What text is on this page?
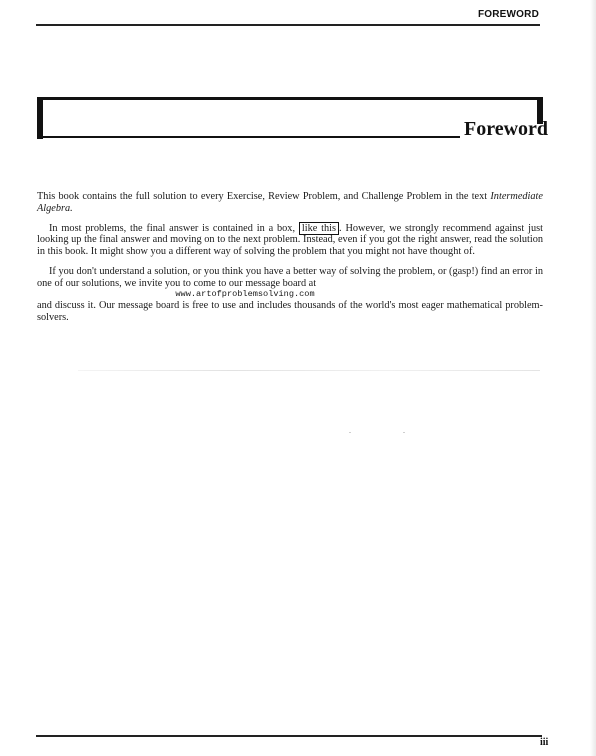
FOREWORD
Foreword

This book contains the full solution to every Exercise, Review Problem, and Challenge Problem in the text Intermediate Algebra.

In most problems, the final answer is contained in a box, like this . However, we strongly recommend against just looking up the final answer and moving on to the next problem. Instead, even if you got the right answer, read the solution in this book. It might show you a different way of solving the problem that you might not have thought of.

If you don't understand a solution, or you think you have a better way of solving the problem, or (gasp!) find an error in one of our solutions, we invite you to come to our message board at
www.artofproblemsolving.com

and discuss it. Our message board is free to use and includes thousands of the world's most eager mathematical problem-solvers.

iii
